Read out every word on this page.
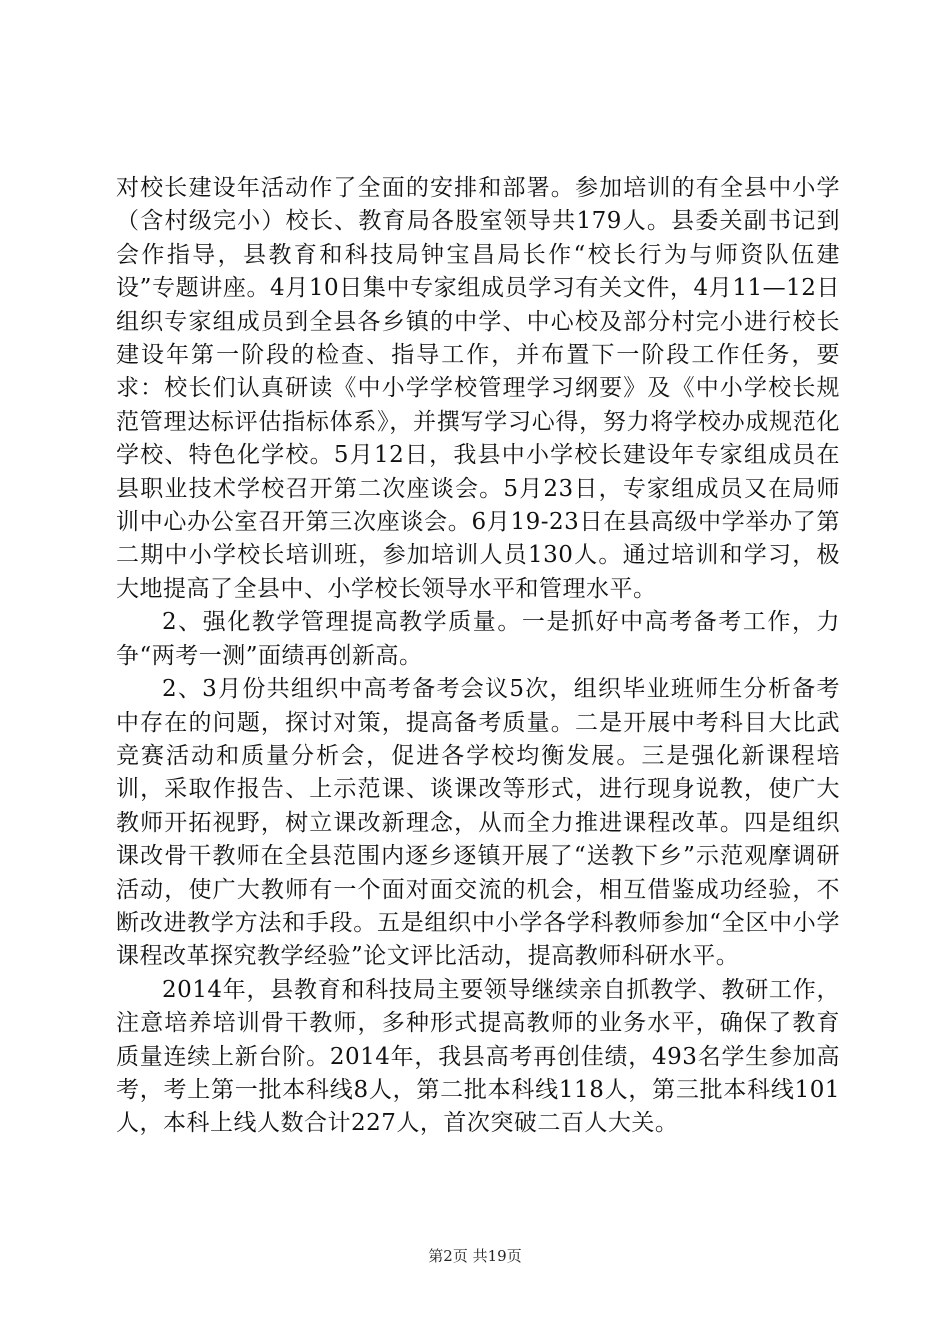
对校长建设年活动作了全面的安排和部署。参加培训的有全县中小学（含村级完小）校长、教育局各股室领导共179人。县委关副书记到会作指导，县教育和科技局钟宝昌局长作“校长行为与师资队伍建设”专题讲座。4月10日集中专家组成员学习有关文件，4月11—12日组织专家组成员到全县各乡镇的中学、中心校及部分村完小进行校长建设年第一阶段的检查、指导工作，并布置下一阶段工作任务，要求：校长们认真研读《中小学学校管理学习纲要》及《中小学校长规范管理达标评估指标体系》，并撰写学习心得，努力将学校办成规范化学校、特色化学校。5月12日，我县中小学校长建设年专家组成员在县职业技术学校召开第二次座谈会。5月23日，专家组成员又在局师训中心办公室召开第三次座谈会。6月19-23日在县高级中学举办了第二期中小学校长培训班，参加培训人员130人。通过培训和学习，极大地提高了全县中、小学校长领导水平和管理水平。

2、强化教学管理提高教学质量。一是抓好中高考备考工作，力争“两考一测”面绩再创新高。

2、3月份共组织中高考备考会议5次，组织毕业班师生分析备考中存在的问题，探讨对策，提高备考质量。二是开展中考科目大比武竞赛活动和质量分析会，促进各学校均衡发展。三是强化新课程培训，采取作报告、上示范课、谈课改等形式，进行现身说教，使广大教师开拓视野，树立课改新理念，从而全力推进课程改革。四是组织课改骨干教师在全县范围内逐乡逐镇开展了“送教下乡”示范观摩调研活动，使广大教师有一个面对面交流的机会，相互借鉴成功经验，不断改进教学方法和手段。五是组织中小学各学科教师参加“全区中小学课程改革探究教学经验”论文评比活动，提高教师科研水平。

2014年，县教育和科技局主要领导继续亲自抓教学、教研工作，注意培养培训骨干教师，多种形式提高教师的业务水平，确保了教育质量连续上新台阶。2014年，我县高考再创佳绩，493名学生参加高考，考上第一批本科线8人，第二批本科线118人，第三批本科线101人，本科上线人数合计227人，首次突破二百人大关。

第2页 共19页
